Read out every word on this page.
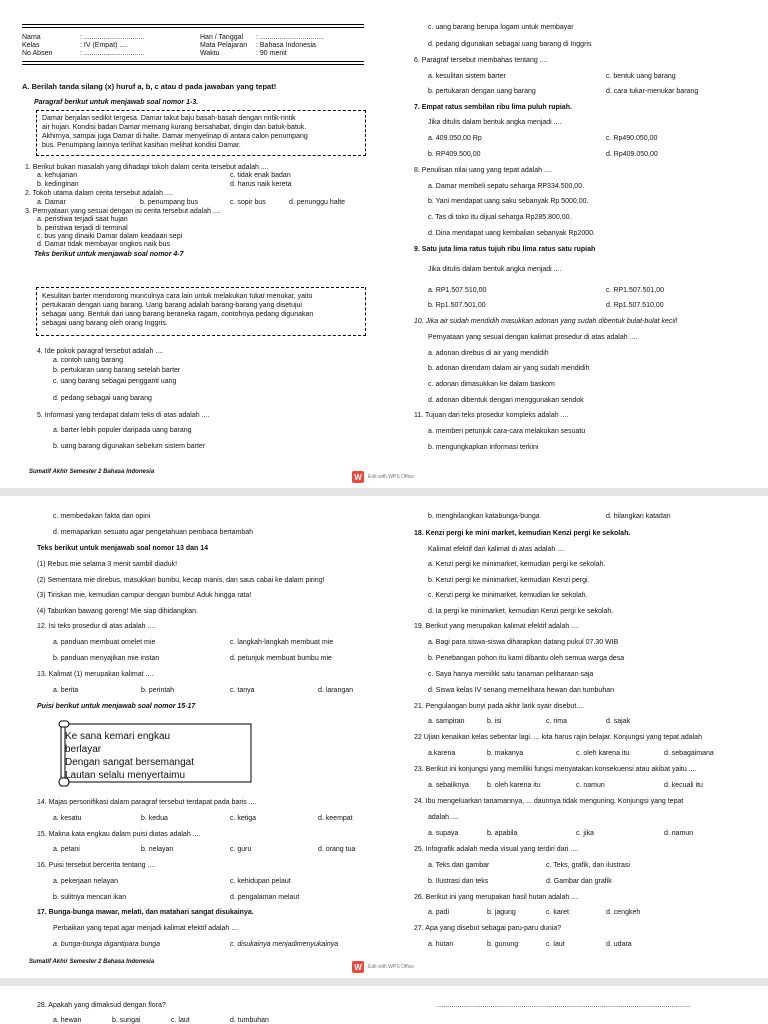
Nama	: ...............................
Kelas	: IV (Empat) ....
No Absen	: ...............................
Hari / Tanggal : .................................
Mata Pelajaran : Bahasa Indonesia
Waktu	: 90 menit
A. Berilah tanda silang (x) huruf a, b, c atau d pada jawaban yang tepat!
Paragraf berikut untuk menjawab soal nomor 1-3.
Damar berjalan sedikit tergesa. Damar takut baju basah-basah dengan rintik-rintik
air hujan. Kondisi badan Damar memang kurang bersahabat, dingin dan batuk-batuk.
Akhirnya, sampai juga Damar di halte. Damar menyelinap di antara calon penumpang
bus. Penumpang lainnya terlihat kasihan melihat kondisi Damar.
1. Berikut bukan masalah yang dihadapi tokoh dalam cerita tersebut adalah ....
a. kehujanan	c. tidak enak badan
b. kedinginan	d. harus naik kereta
2. Tokoh utama dalam cerita tersebut adalah ....
a. Damar	b. penumpang bus	c. sopir bus	d. penunggu halte
3. Pernyataan yang sesuai dengan isi cerita tersebut adalah ....
a. peristiwa terjadi saat hujan
b. peristiwa terjadi di terminal
c. bus yang dinaiki Damar dalam keadaan sepi
d. Damar tidak membayar ongkos naik bus
Teks berikut untuk menjawab soal nomor 4-7
Kesulitan barter mendorong munculnya cara lain untuk melakukan tukar menukar, yaitu
pertukaran dengan uang barang. Uang barang adalah barang-barang yang disetujui
sebagai uang. Bentuk dari uang barang beraneka ragam, contohnya pedang digunakan
sebagai uang barang oleh orang Inggris.
4. Ide pokok paragraf tersebut adalah ....
a. contoh uang barang
b. pertukaran uang barang setelah barter
c. uang barang sebagai pengganti uang
d. pedang sebagai uang barang
5. Informasi yang terdapat dalam teks di atas adalah ....
a. barter lebih populer daripada uang barang
b. uang barang digunakan sebelum sistem barter
c. uang barang berupa logam untuk membayar
d. pedang digunakan sebagai uang barang di Inggris
6. Paragraf tersebut membahas tentang ....
a. kesulitan sistem barter	c. bentuk uang barang
b. pertukaran dengan uang barang	d. cara tukar-menukar barang
7. Empat ratus sembilan ribu lima puluh rupiah.
Jika ditulis dalam bentuk angka menjadi ....
a. 409.050,00 Rp	c. Rp490.050,00
b. RP409.500,00	d. Rp409.050,00
8. Penulisan nilai uang yang tepat adalah ....
a. Damar membeli sepatu seharga RP334.500,00.
b. Yani mendapat uang saku sebanyak Rp 5000,00.
c. Tas di toko itu dijual seharga Rp285.800,00.
d. Dina mendapat uang kembalian sebanyak Rp2000.
9. Satu juta lima ratus tujuh ribu lima ratus satu rupiah
Jika ditulis dalam bentuk angka menjadi ....
a. RP1.507.510,00	c. RP1.507.501,00
b. Rp1.507.501,00	d. Rp1.507.510,00
10. Jika air sudah mendidih masukkan adonan yang sudah dibentuk bulat-bulat kecil!
Pernyataan yang sesuai dengan kalimat prosedur di atas adalah ....
a. adonan direbus di air yang mendidih
b. adonan direndam dalam air yang sudah mendidih
c. adonan dimasukkan ke dalam baskom
d. adonan dibentuk dengan menggunakan sendok
11. Tujuan dari teks prosedur kompleks adalah ....
a. memberi petunjuk cara-cara melakukan sesuatu
b. mengungkapkan informasi terkini
Sumatif Akhir Semester 2 Bahasa Indonesia
W	Edit with WPS Office
c. membedakan fakta dan opini
d. memaparkan sesuatu agar pengetahuan pembaca bertambah
Teks berikut untuk menjawab soal nomor 13 dan 14
(1) Rebus mie selama 3 menit sambil diaduk!
(2) Sementara mie direbus, masukkan bumbu, kecap manis, dan saus cabai ke dalam piring!
(3) Tiriskan mie, kemudian campur dengan bumbu! Aduk hingga rata!
(4) Taburkan bawang goreng! Mie siap dihidangkan.
12. Isi teks prosedur di atas adalah ....
a. panduan membuat omelet mie	c. langkah-langkah membuat mie
b. panduan menyajikan mie instan	d. petunjuk membuat bumbu mie
13. Kalimat (1) merupakan kalimat ....
a. berita	b. perintah	c. tanya	d. larangan
Puisi berikut untuk menjawab soal nomor 15-17
Ke sana kemari engkau
berlayar
Dengan sangat bersemangat
Lautan selalu menyertaimu
14. Majas personifikasi dalam paragraf tersebut terdapat pada baris ....
a. kesatu	b. kedua	c. ketiga	d. keempat
15. Makna kata engkau dalam puisi diatas adalah ....
a. petani	b. nelayan	c. guru	d. orang tua
16. Puisi tersebut bercerita tentang ....
a. pekerjaan nelayan	c. kehidupan pelaut
b. sulitnya mencari ikan	d. pengalaman melaut
17. Bunga-bunga mawar, melati, dan matahari sangat disukainya.
Perbaikan yang tepat agar menjadi kalimat efektif adalah ....
a. bunga-bunga digantipara bunga	c. disukainya menjadimenyukainya
b. menghilangkan katabunga-bunga	d. hilangkan katadan
18. Kenzi pergi ke mini market, kemudian Kenzi pergi ke sekolah.
Kalimat efektif dari kalimat di atas adalah ....
a. Kenzi pergi ke minimarket, kemudian pergi ke sekolah.
b. Kenzi pergi ke minimarket, kemudian Kenzi pergi.
c. Kenzi pergi ke minimarket, kemudian ke sekolah.
d. Ia pergi ke minimarket, kemudian Kenzi pergi ke sekolah.
19. Berikut yang merupakan kalimat efektif adalah ....
a. Bagi para siswa-siswa diharapkan datang pukul 07.30 WIB
b. Penebangan pohon itu kami dibantu oleh semua warga desa
c. Saya hanya memiliki satu tanaman peliharaan saja
d. Siswa kelas IV senang memelihara hewan dan tumbuhan
21. Pengulangan bunyi pada akhir larik syair disebut....
a. sampiran	b. isi	c. rima	d. sajak
22 Ujian kenaikan kelas sebentar lagi. ... kita harus rajin belajar. Konjungsi yang tepat adalah
a.karena	b. makanya	c. oleh karena itu	d. sebagaimana
23. Berikut ini konjungsi yang memiliki fungsi menyatakan konsekuensi atau akibat yaitu ....
a. sebaliknya	b. oleh karena itu	c. namun	d. kecuali itu
24. Ibu mengeluarkan tanamannya, ... daunnya tidak menguning. Konjungsi yang tepat
adalah ....
a. supaya	b. apabila	c. jika	d. namun
25. Infografik adalah media visual yang terdiri dari ....
a. Teks dan gambar	c. Teks, grafik, dan ilustrasi
b. Ilustrasi dan teks	d. Gambar dan grafik
26. Berikut ini yang merupakan hasil hutan adalah ....
a. padi	b. jagung	c. karet	d. cengkeh
27. Apa yang disebut sebagai paru-paru dunia?
a. hutan	b. gunung	c. laut	d. udara
Sumatif Akhir Semester 2 Bahasa Indonesia
W	Edit with WPS Office
28. Apakah yang dimaksud dengan flora?	...................................................................................................................................
a. hewan	b. sungai	c. laut	d. tumbuhan
